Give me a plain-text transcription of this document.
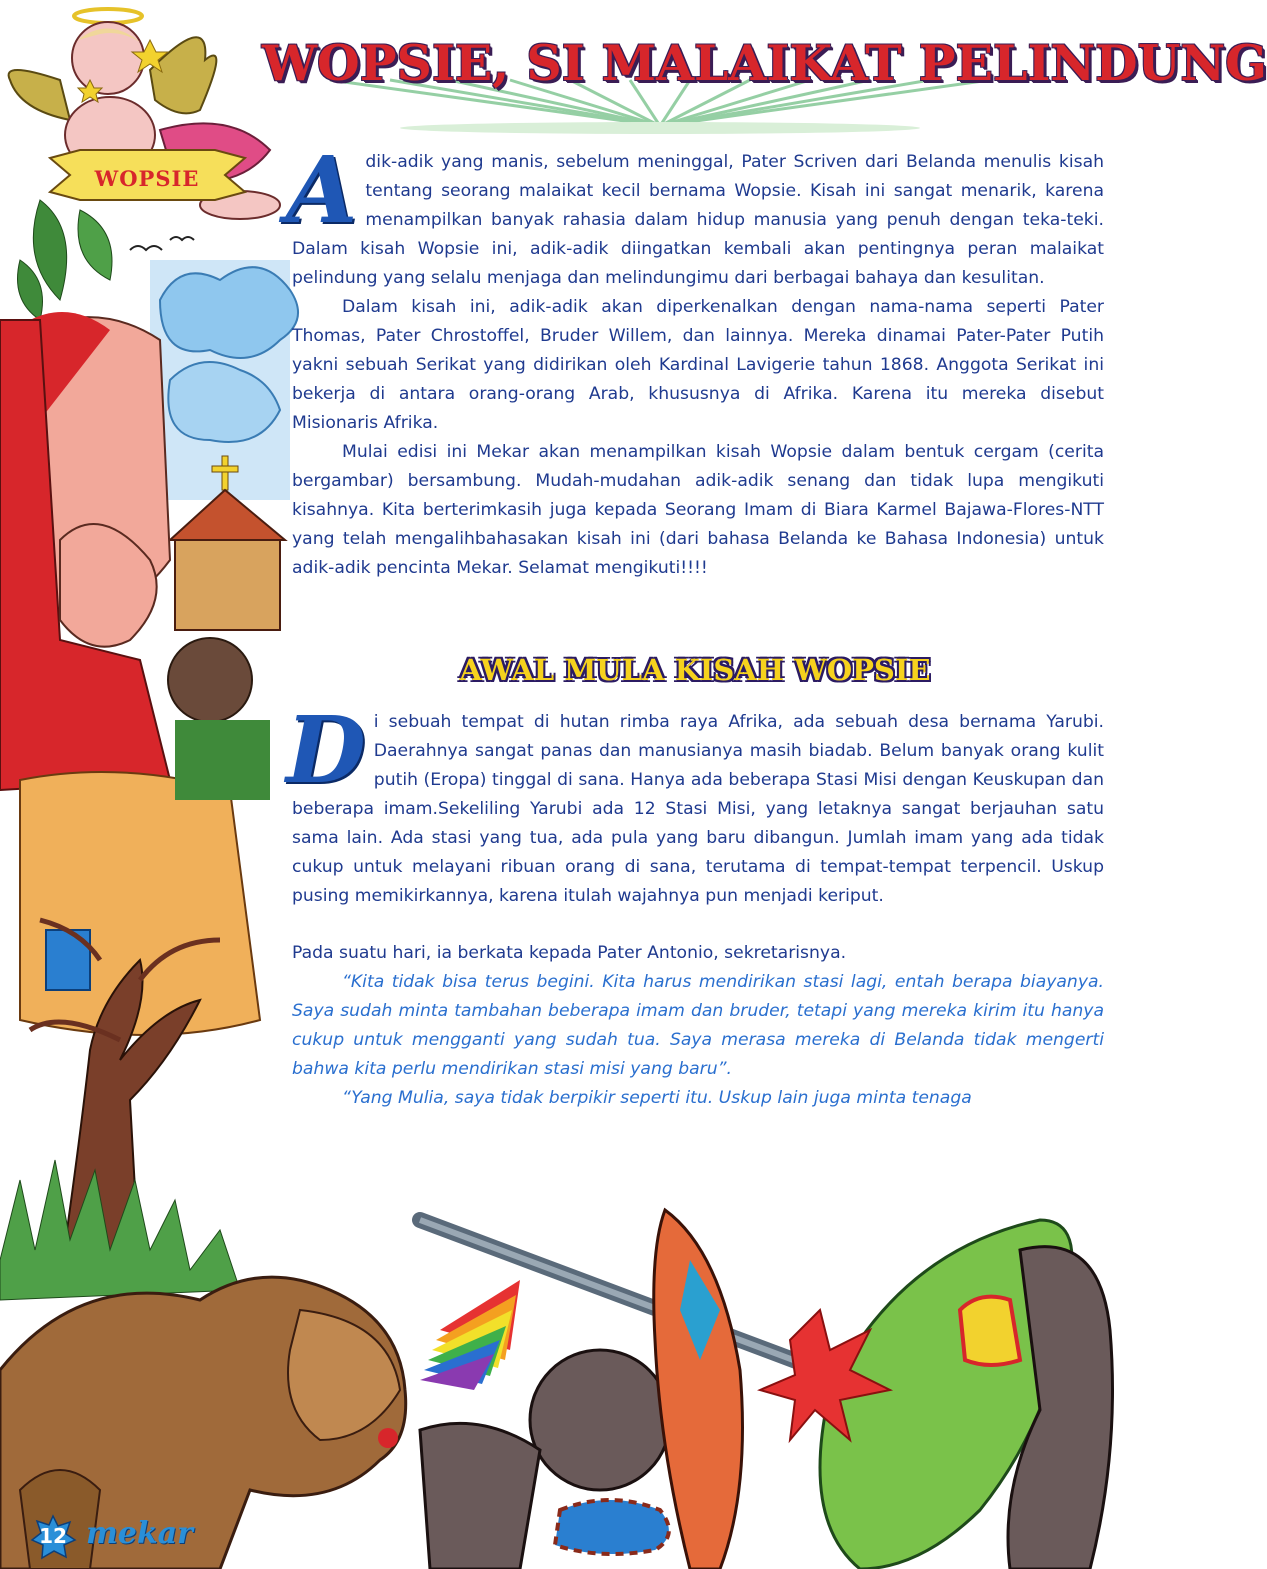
WOPSIE, SI MALAIKAT PELINDUNG
WOPSIE A dik-adik yang manis, sebelum meninggal, Pater Scriven dari Belanda menulis kisah tentang seorang malaikat kecil bernama Wopsie. Kisah ini sangat menarik, karena menampilkan banyak rahasia dalam hidup manusia yang penuh dengan teka-teki. Dalam kisah Wopsie ini, adik-adik diingatkan kembali akan pentingnya peran malaikat pelindung yang selalu menjaga dan melindungimu dari berbagai bahaya dan kesulitan.

Dalam kisah ini, adik-adik akan diperkenalkan dengan nama-nama seperti Pater Thomas, Pater Chrostoffel, Bruder Willem, dan lainnya. Mereka dinamai Pater-Pater Putih yakni sebuah Serikat yang didirikan oleh Kardinal Lavigerie tahun 1868. Anggota Serikat ini bekerja di antara orang-orang Arab, khususnya di Afrika. Karena itu mereka disebut Misionaris Afrika.

Mulai edisi ini Mekar akan menampilkan kisah Wopsie dalam bentuk cergam (cerita bergambar) bersambung. Mudah-mudahan adik-adik senang dan tidak lupa mengikuti kisahnya. Kita berterimkasih juga kepada Seorang Imam di Biara Karmel Bajawa-Flores-NTT yang telah mengalihbahasakan kisah ini (dari bahasa Belanda ke Bahasa Indonesia) untuk adik-adik pencinta Mekar. Selamat mengikuti!!!!

AWAL MULA KISAH WOPSIE
D i sebuah tempat di hutan rimba raya Afrika, ada sebuah desa bernama Yarubi. Daerahnya sangat panas dan manusianya masih biadab. Belum banyak orang kulit putih (Eropa) tinggal di sana. Hanya ada beberapa Stasi Misi dengan Keuskupan dan beberapa imam.Sekeliling Yarubi ada 12 Stasi Misi, yang letaknya sangat berjauhan satu sama lain. Ada stasi yang tua, ada pula yang baru dibangun. Jumlah imam yang ada tidak cukup untuk melayani ribuan orang di sana, terutama di tempat-tempat terpencil. Uskup pusing memikirkannya, karena itulah wajahnya pun menjadi keriput.

Pada suatu hari, ia berkata kepada Pater Antonio, sekretarisnya.

“Kita tidak bisa terus begini. Kita harus mendirikan stasi lagi, entah berapa biayanya. Saya sudah minta tambahan beberapa imam dan bruder, tetapi yang mereka kirim itu hanya cukup untuk mengganti yang sudah tua. Saya merasa mereka di Belanda tidak mengerti bahwa kita perlu mendirikan stasi misi yang baru”.

“Yang Mulia, saya tidak berpikir seperti itu. Uskup lain juga minta tenaga

12 mekar
